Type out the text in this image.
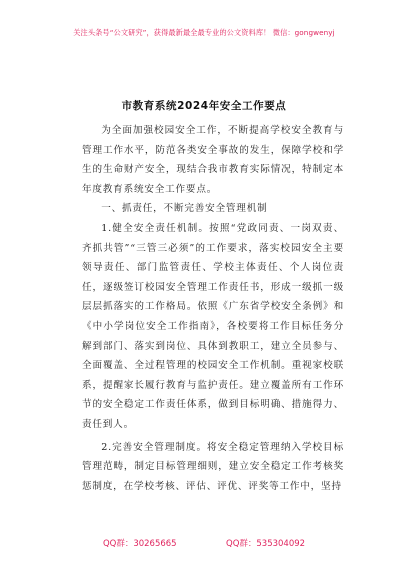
关注头条号“公文研究”，获得最新最全最专业的公文资料库！ 微信：gongwenyj
市教育系统2024年安全工作要点

为全面加强校园安全工作，不断提高学校安全教育与管理工作水平，防范各类安全事故的发生，保障学校和学生的生命财产安全，现结合我市教育实际情况，特制定本年度教育系统安全工作要点。

一、抓责任，不断完善安全管理机制

1.健全安全责任机制。按照“党政同责、一岗双责、齐抓共管”“三管三必须”的工作要求，落实校园安全主要领导责任、部门监管责任、学校主体责任、个人岗位责任，逐级签订校园安全管理工作责任书，形成一级抓一级层层抓落实的工作格局。依照《广东省学校安全条例》和《中小学岗位安全工作指南》，各校要将工作目标任务分解到部门、落实到岗位、具体到教职工，建立全员参与、全面覆盖、全过程管理的校园安全工作机制。重视家校联系，提醒家长履行教育与监护责任。建立覆盖所有工作环节的安全稳定工作责任体系，做到目标明确、措施得力、责任到人。

2.完善安全管理制度。将安全稳定管理纳入学校目标管理范畴，制定目标管理细则，建立安全稳定工作考核奖惩制度，在学校考核、评估、评优、评奖等工作中，坚持

QQ群：30265665	QQ群：535304092
